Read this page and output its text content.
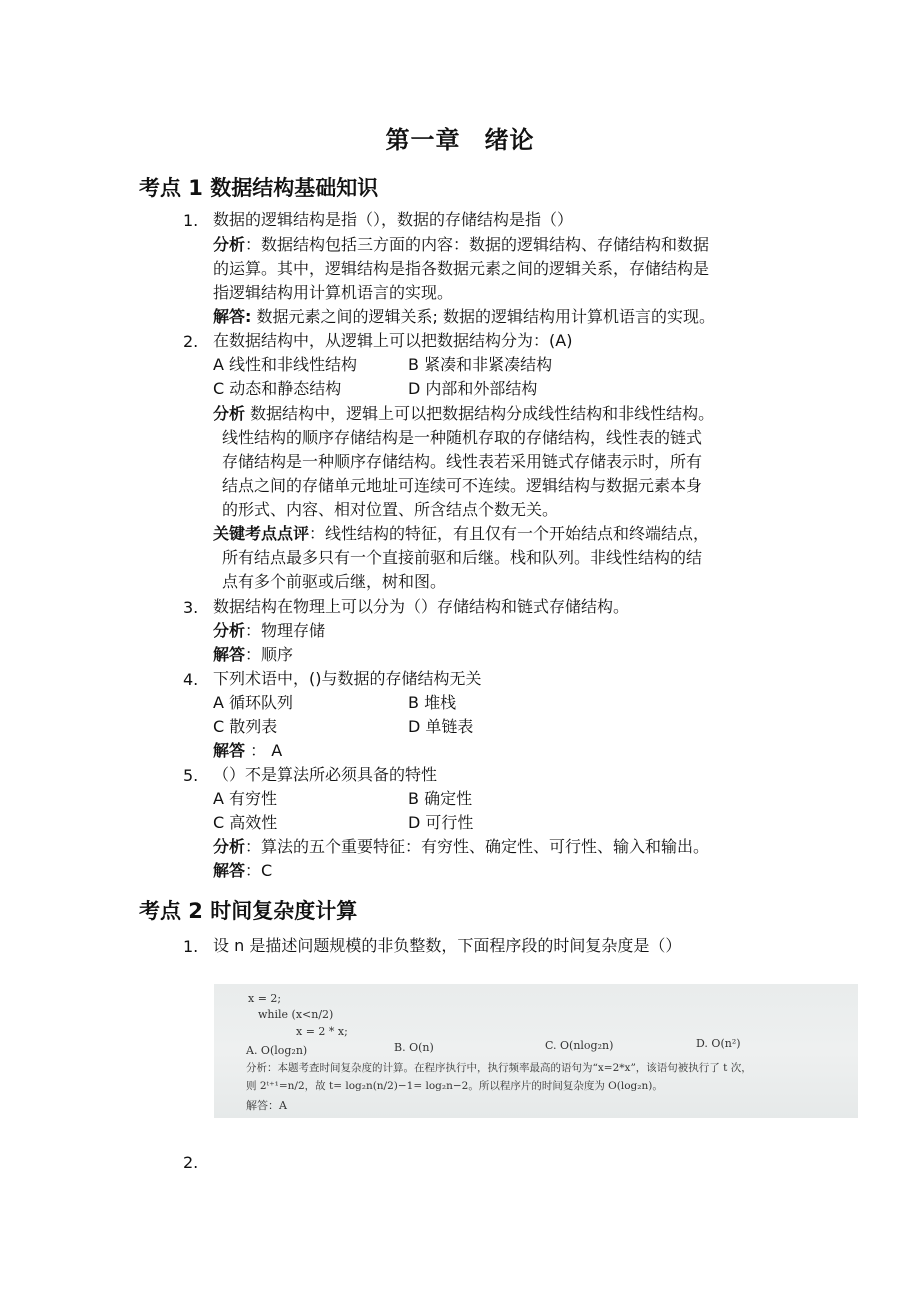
第一章 绪论
考点 1 数据结构基础知识
1. 数据的逻辑结构是指（），数据的存储结构是指（）
分析：数据结构包括三方面的内容：数据的逻辑结构、存储结构和数据
的运算。其中，逻辑结构是指各数据元素之间的逻辑关系，存储结构是
指逻辑结构用计算机语言的实现。
解答: 数据元素之间的逻辑关系; 数据的逻辑结构用计算机语言的实现。
2. 在数据结构中，从逻辑上可以把数据结构分为：(A)
A 线性和非线性结构	B 紧凑和非紧凑结构
C 动态和静态结构	D 内部和外部结构
分析 数据结构中，逻辑上可以把数据结构分成线性结构和非线性结构。
线性结构的顺序存储结构是一种随机存取的存储结构，线性表的链式
存储结构是一种顺序存储结构。线性表若采用链式存储表示时，所有
结点之间的存储单元地址可连续可不连续。逻辑结构与数据元素本身
的形式、内容、相对位置、所含结点个数无关。
关键考点点评：线性结构的特征，有且仅有一个开始结点和终端结点，
所有结点最多只有一个直接前驱和后继。栈和队列。非线性结构的结
点有多个前驱或后继，树和图。
3. 数据结构在物理上可以分为（）存储结构和链式存储结构。
分析：物理存储
解答：顺序
4. 下列术语中，()与数据的存储结构无关
A 循环队列	B 堆栈
C 散列表	D 单链表
解答 ： A
5. （）不是算法所必须具备的特性
A 有穷性	B 确定性
C 高效性	D 可行性
分析：算法的五个重要特征：有穷性、确定性、可行性、输入和输出。
解答：C
考点 2 时间复杂度计算
1. 设 n 是描述问题规模的非负整数，下面程序段的时间复杂度是（）
x = 2;
while (x<n/2)
x = 2 * x;
A. O(log₂n)	B. O(n)	C. O(nlog₂n)	D. O(n²)
分析：本题考查时间复杂度的计算。在程序执行中，执行频率最高的语句为“x=2*x”，该语句被执行了 t 次，
则 2ᵗ⁺¹=n/2，故 t= log₂n(n/2)−1= log₂n−2。所以程序片的时间复杂度为 O(log₂n)。
解答：A
2.
